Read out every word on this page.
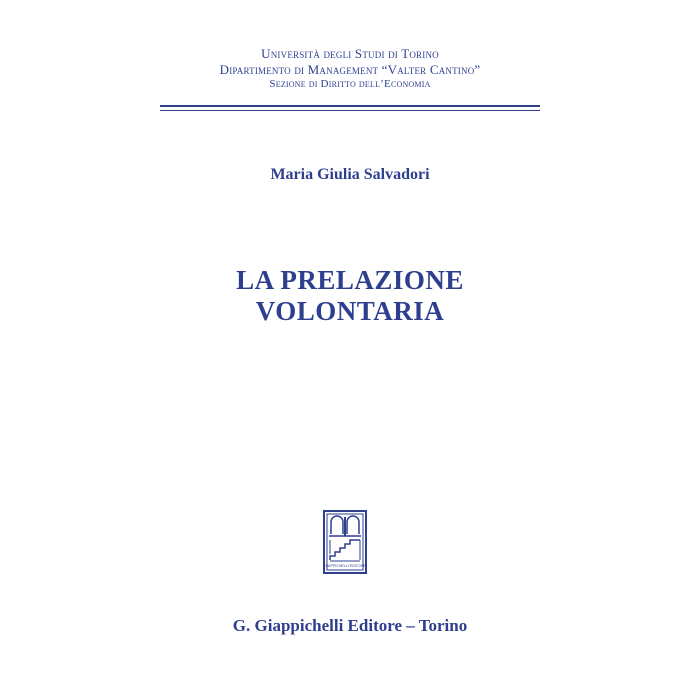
Università degli Studi di Torino
Dipartimento di Management “Valter Cantino”
Sezione di Diritto dell’Economia
Maria Giulia Salvadori
LA PRELAZIONE
VOLONTARIA
GIAPPICHELLI EDITORE
G. Giappichelli Editore – Torino
